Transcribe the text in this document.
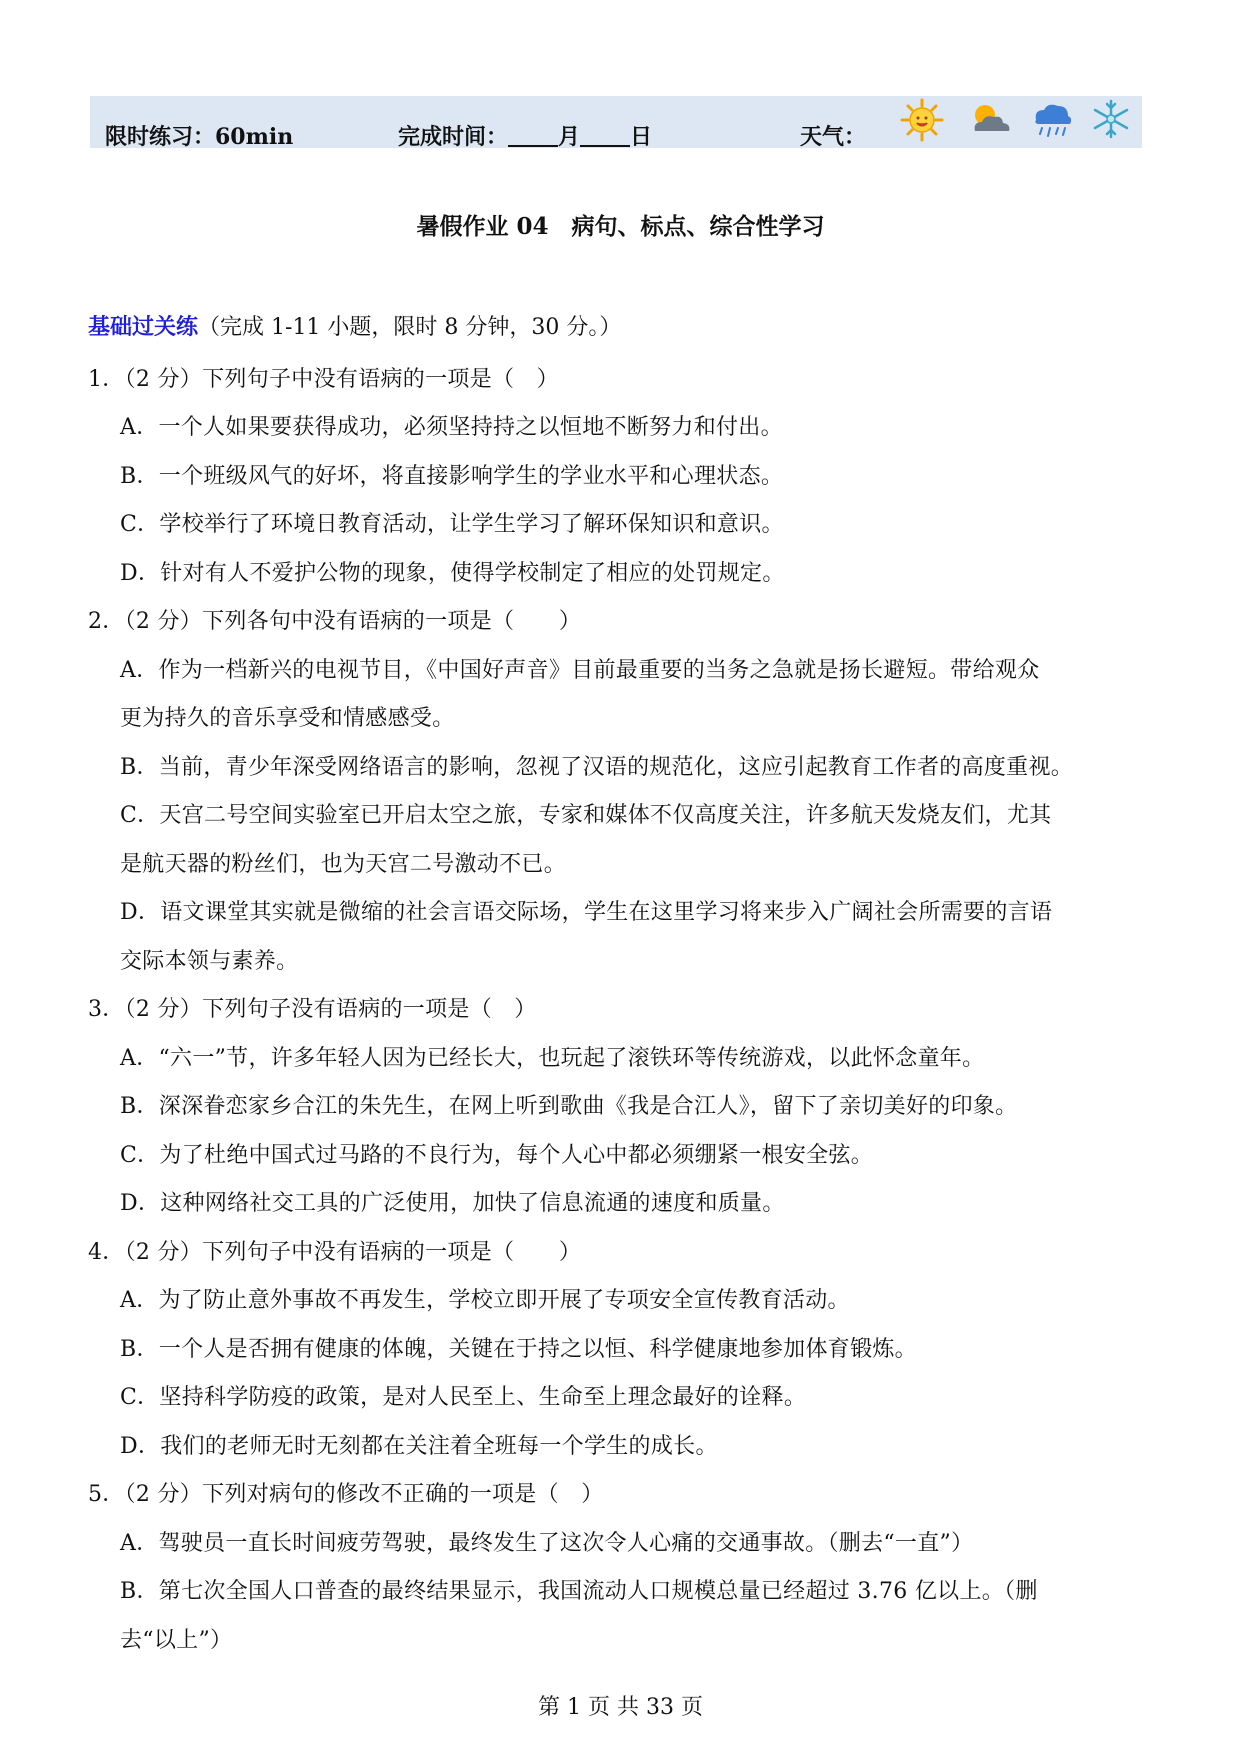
限时练习：60min	完成时间： 月 日	天气：
暑假作业 04　病句、标点、综合性学习
基础过关练（完成 1-11 小题，限时 8 分钟，30 分。）
1．（2 分）下列句子中没有语病的一项是（　）
A．一个人如果要获得成功，必须坚持持之以恒地不断努力和付出。
B．一个班级风气的好坏，将直接影响学生的学业水平和心理状态。
C．学校举行了环境日教育活动，让学生学习了解环保知识和意识。
D．针对有人不爱护公物的现象，使得学校制定了相应的处罚规定。
2．（2 分）下列各句中没有语病的一项是（　　）
A．作为一档新兴的电视节目，《中国好声音》目前最重要的当务之急就是扬长避短。带给观众
更为持久的音乐享受和情感感受。
B．当前，青少年深受网络语言的影响，忽视了汉语的规范化，这应引起教育工作者的高度重视。
C．天宫二号空间实验室已开启太空之旅，专家和媒体不仅高度关注，许多航天发烧友们，尤其
是航天器的粉丝们，也为天宫二号激动不已。
D．语文课堂其实就是微缩的社会言语交际场，学生在这里学习将来步入广阔社会所需要的言语
交际本领与素养。
3．（2 分）下列句子没有语病的一项是（　）
A．“六一”节，许多年轻人因为已经长大，也玩起了滚铁环等传统游戏，以此怀念童年。
B．深深眷恋家乡合江的朱先生，在网上听到歌曲《我是合江人》，留下了亲切美好的印象。
C．为了杜绝中国式过马路的不良行为，每个人心中都必须绷紧一根安全弦。
D．这种网络社交工具的广泛使用，加快了信息流通的速度和质量。
4．（2 分）下列句子中没有语病的一项是（　　）
A．为了防止意外事故不再发生，学校立即开展了专项安全宣传教育活动。
B．一个人是否拥有健康的体魄，关键在于持之以恒、科学健康地参加体育锻炼。
C．坚持科学防疫的政策，是对人民至上、生命至上理念最好的诠释。
D．我们的老师无时无刻都在关注着全班每一个学生的成长。
5．（2 分）下列对病句的修改不正确的一项是（　）
A．驾驶员一直长时间疲劳驾驶，最终发生了这次令人心痛的交通事故。（删去“一直”）
B．第七次全国人口普查的最终结果显示，我国流动人口规模总量已经超过 3.76 亿以上。（删
去“以上”）
第 1 页 共 33 页
